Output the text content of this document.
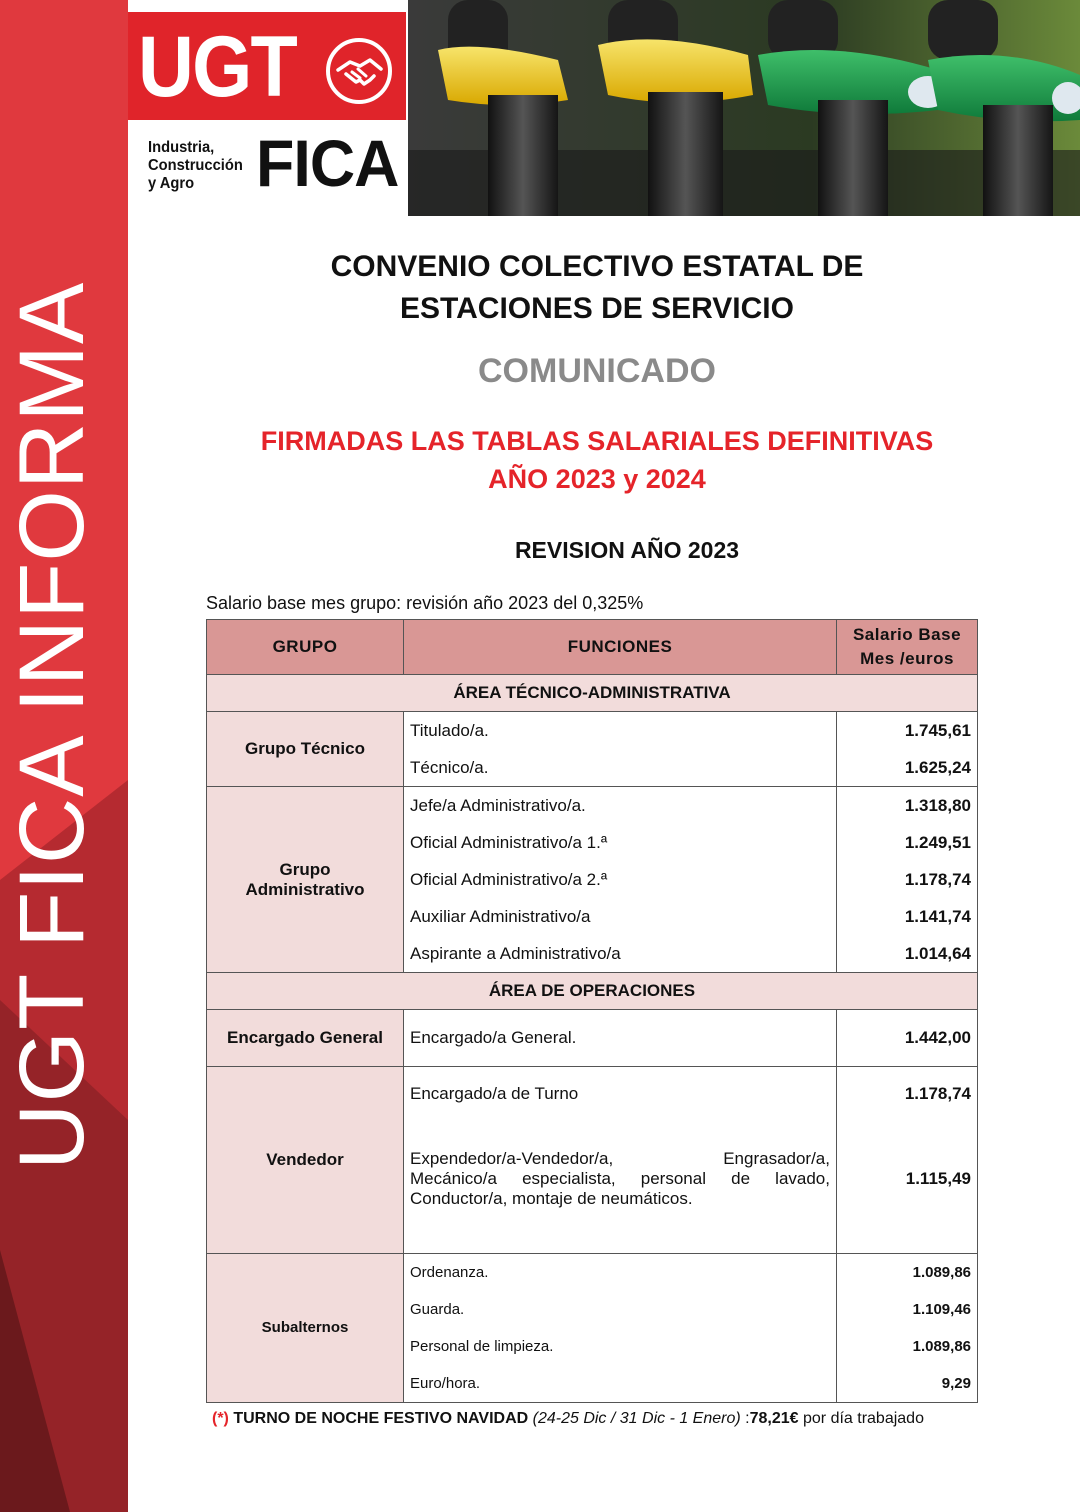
UGT FICA INFORMA
UGT
Industria,
Construcción
y Agro FICA
CONVENIO COLECTIVO ESTATAL DE
ESTACIONES DE SERVICIO
COMUNICADO
FIRMADAS LAS TABLAS SALARIALES DEFINITIVAS
AÑO 2023 y 2024
REVISION AÑO 2023
Salario base mes grupo: revisión año 2023 del 0,325%
GRUPO	FUNCIONES	Salario Base
Mes /euros

ÁREA TÉCNICO-ADMINISTRATIVA		
Grupo Técnico	Titulado/a.	1.745,61
	Técnico/a.	1.625,24

Grupo
Administrativo	Jefe/a Administrativo/a.	1.318,80
	Oficial Administrativo/a 1.ª	1.249,51
	Oficial Administrativo/a 2.ª	1.178,74
	Auxiliar Administrativo/a	1.141,74
	Aspirante a Administrativo/a	1.014,64
ÁREA DE OPERACIONES		
Encargado General	Encargado/a General.	1.442,00
Vendedor	Encargado/a de Turno	1.178,74

	Expendedor/a-Vendedor/a, Engrasador/a,
Mecánico/a especialista, personal de lavado,
Conductor/a, montaje de neumáticos.	1.115,49
Subalternos	Ordenanza.	1.089,86
	Guarda.	1.109,46
	Personal de limpieza.	1.089,86
	Euro/hora.	9,29
(*) TURNO DE NOCHE FESTIVO NAVIDAD (24-25 Dic / 31 Dic - 1 Enero) :78,21€ por día trabajado
